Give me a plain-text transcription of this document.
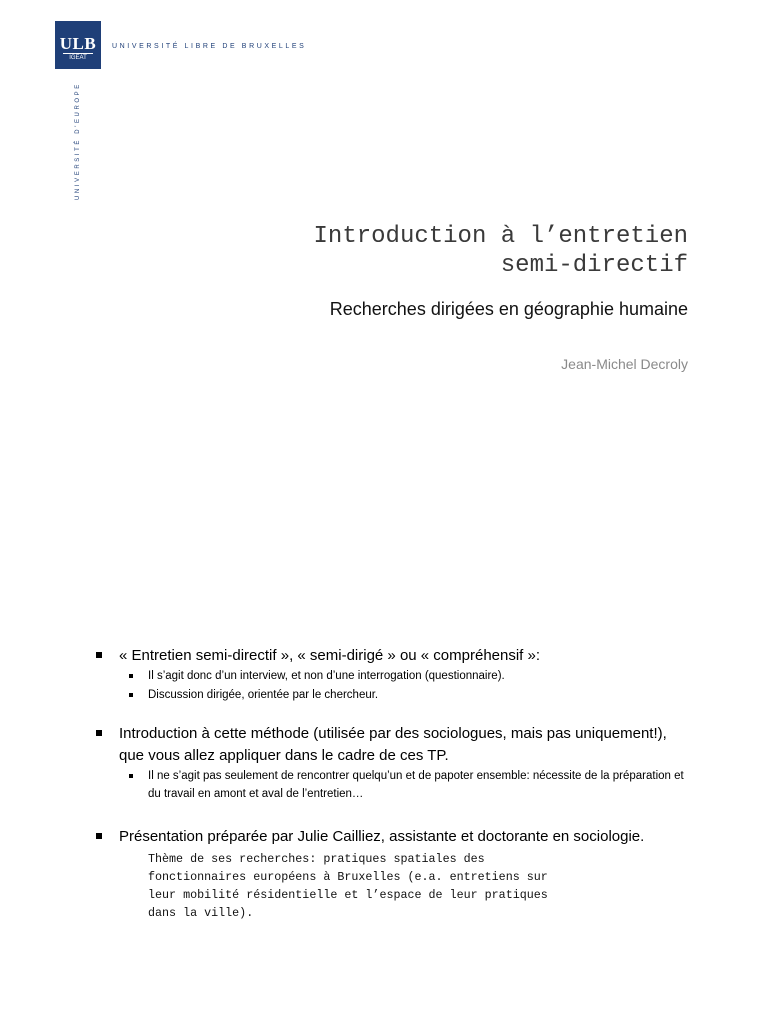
ULB
IGEAT
UNIVERSITÉ LIBRE DE BRUXELLES
UNIVERSITÉ D'EUROPE
Introduction à l’entretien
semi-directif
Recherches dirigées en géographie humaine
Jean-Michel Decroly
« Entretien semi-directif », « semi-dirigé » ou « compréhensif »:
Il s’agit donc d’un interview, et non d’une interrogation (questionnaire).
Discussion dirigée, orientée par le chercheur.
Introduction à cette méthode (utilisée par des sociologues, mais pas uniquement!), que vous allez appliquer dans le cadre de ces TP.
Il ne s’agit pas seulement de rencontrer quelqu’un et de papoter ensemble: nécessite de la préparation et du travail en amont et aval de l’entretien…
Présentation préparée par Julie Cailliez, assistante et doctorante en sociologie.
Thème de ses recherches: pratiques spatiales des
fonctionnaires européens à Bruxelles (e.a. entretiens sur
leur mobilité résidentielle et l’espace de leur pratiques
dans la ville).
